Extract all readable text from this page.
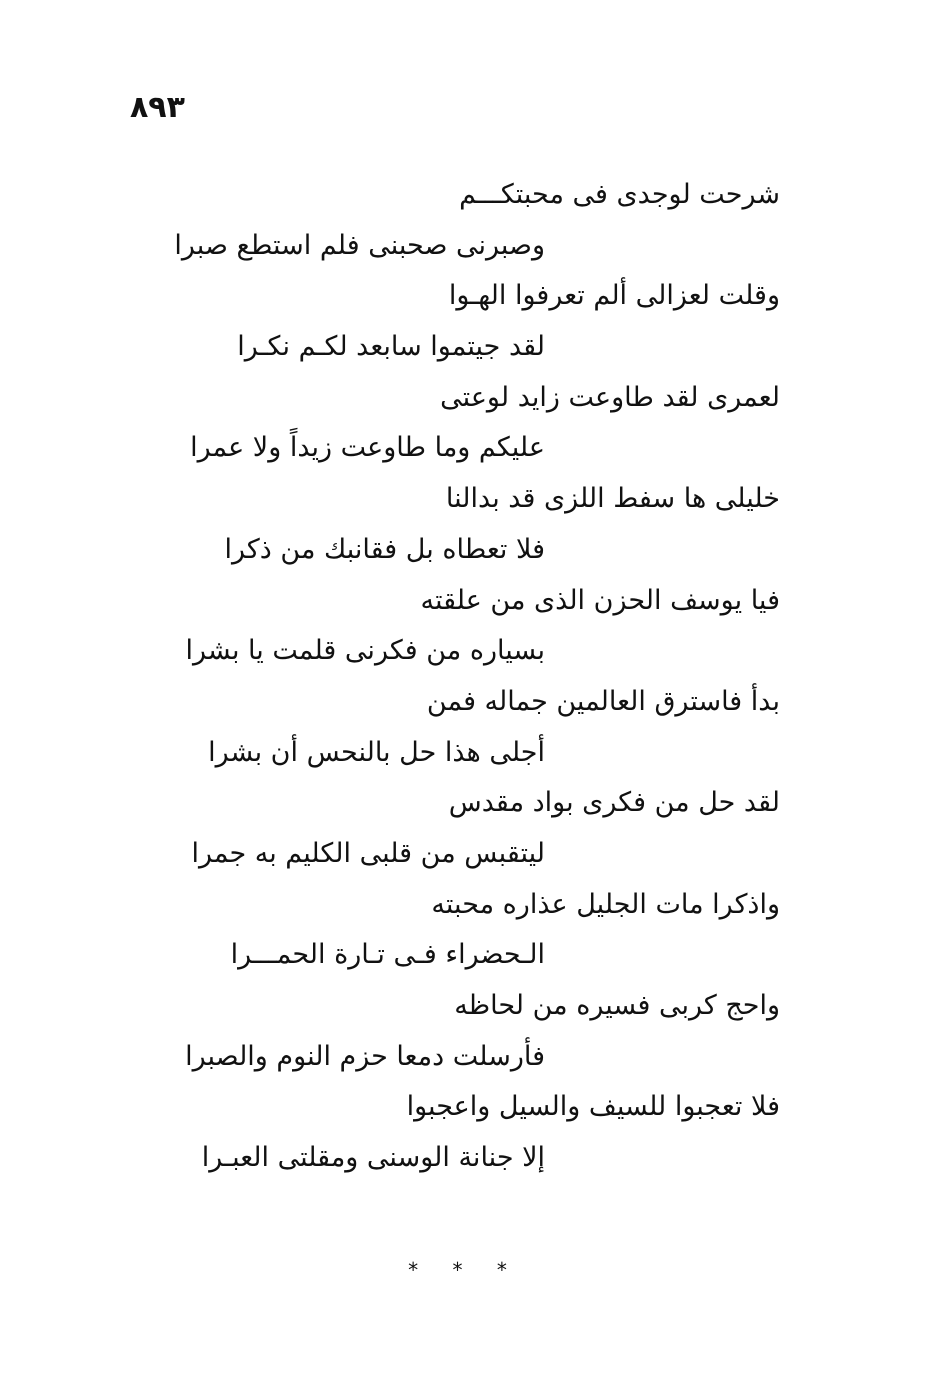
٨٩٣
شرحت لوجدى فى محبتكـــم
وصبرنى صحبنى فلم استطع صبرا
وقلت لعزالى ألم تعرفوا الهـوا
لقد جيتموا سابعد لكـم نكـرا
لعمرى لقد طاوعت زايد لوعتى
عليكم وما طاوعت زيداً ولا عمرا
خليلى ها سفط اللزى قد بدالنا
فلا تعطاه بل فقانبك من ذكرا
فيا يوسف الحزن الذى من علقته
بسياره من فكرنى قلمت يا بشرا
بدأ فاسترق العالمين جماله فمن
أجلى هذا حل بالنحس أن بشرا
لقد حل من فكرى بواد مقدس
ليتقبس من قلبى الكليم به جمرا
واذكرا مات الجليل عذاره محبته
الـحضراء فـى تـارة الحمـــرا
واحج كربى فسيره من لحاظه
فأرسلت دمعا حزم النوم والصبرا
فلا تعجبوا للسيف والسيل واعجبوا
إلا جنانة الوسنى ومقلتى العبـرا
* * *
